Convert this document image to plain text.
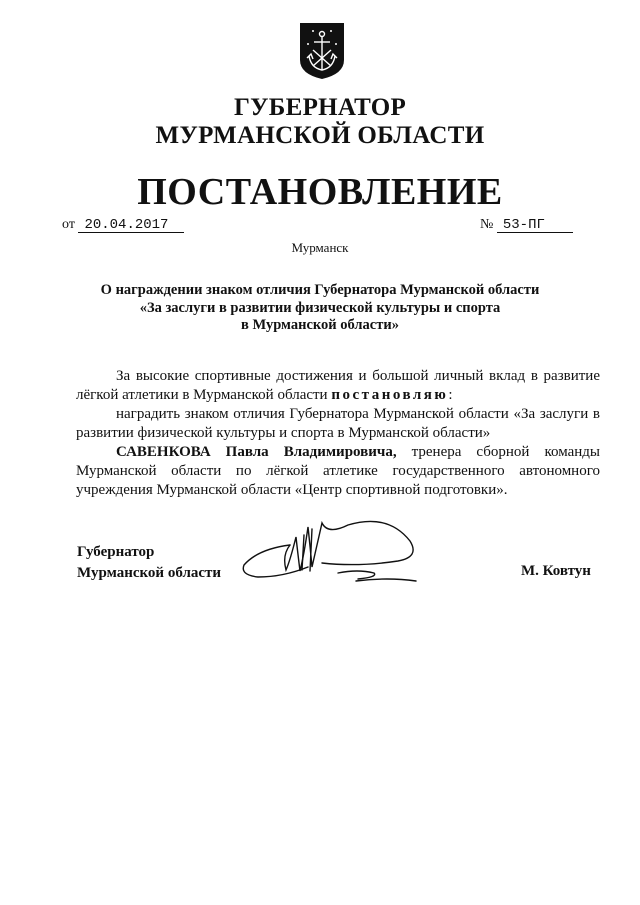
ГУБЕРНАТОР
МУРМАНСКОЙ ОБЛАСТИ
ПОСТАНОВЛЕНИЕ
от 20.04.2017	№ 53-ПГ
Мурманск
О награждении знаком отличия Губернатора Мурманской области
«За заслуги в развитии физической культуры и спорта
в Мурманской области»

За высокие спортивные достижения и большой личный вклад в развитие лёгкой атлетики в Мурманской области постановляю:

наградить знаком отличия Губернатора Мурманской области «За заслуги в развитии физической культуры и спорта в Мурманской области»

САВЕНКОВА Павла Владимировича, тренера сборной команды Мурманской области по лёгкой атлетике государственного автономного учреждения Мурманской области «Центр спортивной подготовки».

Губернатор
Мурманской области	М. Ковтун
